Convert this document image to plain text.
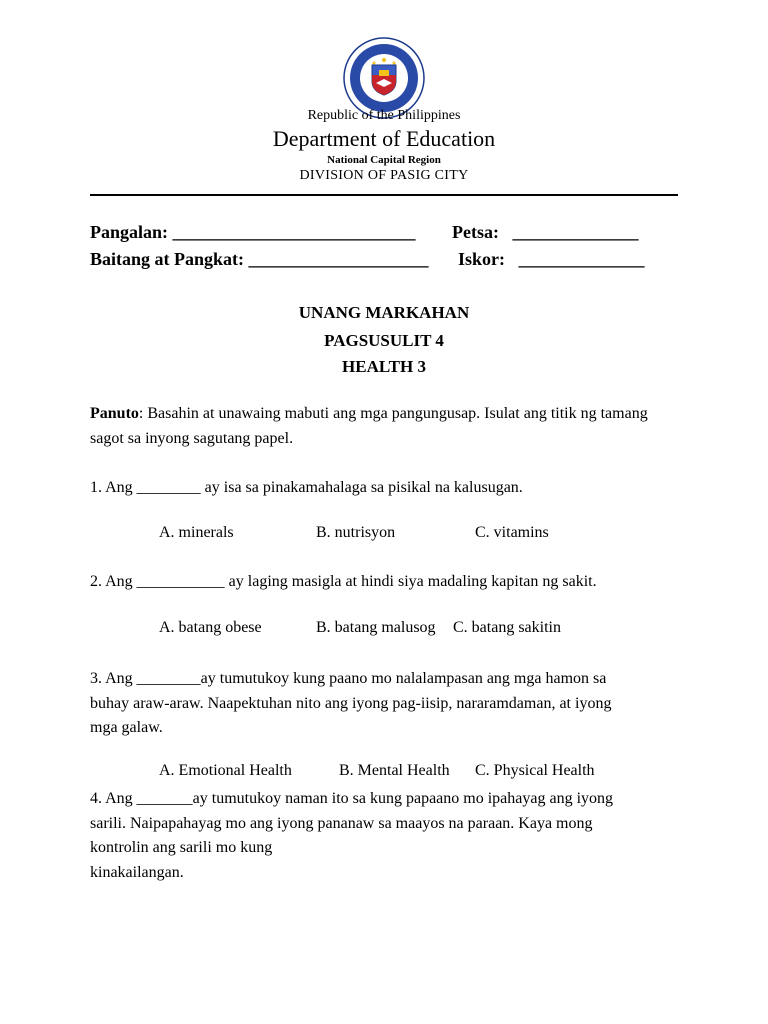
Republic of the Philippines
Department of Education
National Capital Region
DIVISION OF PASIG CITY
Pangalan: ___________________________ Petsa:   ______________
Baitang at Pangkat: ____________________ Iskor:   ______________
UNANG MARKAHAN
PAGSUSULIT 4
HEALTH 3
Panuto: Basahin at unawaing mabuti ang mga pangungusap. Isulat ang titik ng tamang sagot sa inyong sagutang papel.
1. Ang ________ ay isa sa pinakamahalaga sa pisikal na kalusugan.
A. minerals	B. nutrisyon	C. vitamins
2. Ang ___________ ay laging masigla at hindi siya madaling kapitan ng sakit.
A. batang obese	B. batang malusog C. batang sakitin
3. Ang ________ay tumutukoy kung paano mo nalalampasan ang mga hamon sa
buhay araw-araw. Naapektuhan nito ang iyong pag-iisip, nararamdaman, at iyong
mga galaw.
A. Emotional Health	B. Mental Health C. Physical Health
4. Ang _______ay tumutukoy naman ito sa kung papaano mo ipahayag ang iyong
sarili. Naipapahayag mo ang iyong pananaw sa maayos na paraan. Kaya mong
kontrolin ang sarili mo kung
kinakailangan.
